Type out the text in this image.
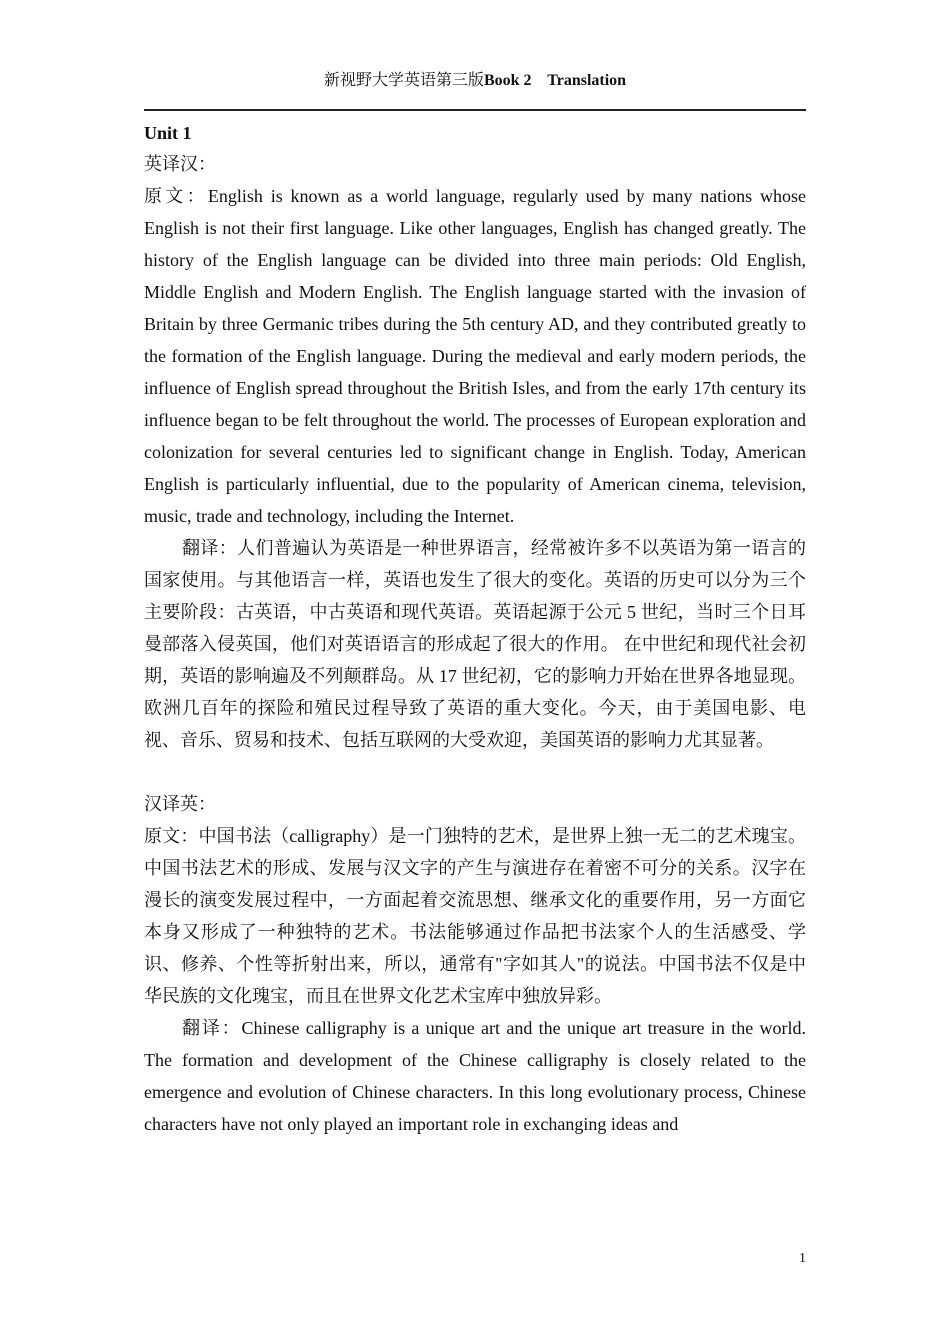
新视野大学英语第三版Book 2    Translation

Unit 1

英译汉：

原文：English is known as a world language, regularly used by many nations whose English is not their first language. Like other languages, English has changed greatly. The history of the English language can be divided into three main periods: Old English, Middle English and Modern English. The English language started with the invasion of Britain by three Germanic tribes during the 5th century AD, and they contributed greatly to the formation of the English language. During the medieval and early modern periods, the influence of English spread throughout the British Isles, and from the early 17th century its influence began to be felt throughout the world. The processes of European exploration and colonization for several centuries led to significant change in English. Today, American English is particularly influential, due to the popularity of American cinema, television, music, trade and technology, including the Internet.

翻译：人们普遍认为英语是一种世界语言，经常被许多不以英语为第一语言的国家使用。与其他语言一样，英语也发生了很大的变化。英语的历史可以分为三个主要阶段：古英语，中古英语和现代英语。英语起源于公元 5 世纪，当时三个日耳曼部落入侵英国，他们对英语语言的形成起了很大的作用。 在中世纪和现代社会初期，英语的影响遍及不列颠群岛。从 17 世纪初，它的影响力开始在世界各地显现。欧洲几百年的探险和殖民过程导致了英语的重大变化。今天，由于美国电影、电视、音乐、贸易和技术、包括互联网的大受欢迎，美国英语的影响力尤其显著。

汉译英：

原文：中国书法（calligraphy）是一门独特的艺术，是世界上独一无二的艺术瑰宝。中国书法艺术的形成、发展与汉文字的产生与演进存在着密不可分的关系。汉字在漫长的演变发展过程中，一方面起着交流思想、继承文化的重要作用，另一方面它本身又形成了一种独特的艺术。书法能够通过作品把书法家个人的生活感受、学识、修养、个性等折射出来，所以，通常有"字如其人"的说法。中国书法不仅是中华民族的文化瑰宝，而且在世界文化艺术宝库中独放异彩。

翻译：Chinese calligraphy is a unique art and the unique art treasure in the world. The formation and development of the Chinese calligraphy is closely related to the emergence and evolution of Chinese characters. In this long evolutionary process, Chinese characters have not only played an important role in exchanging ideas and

1
